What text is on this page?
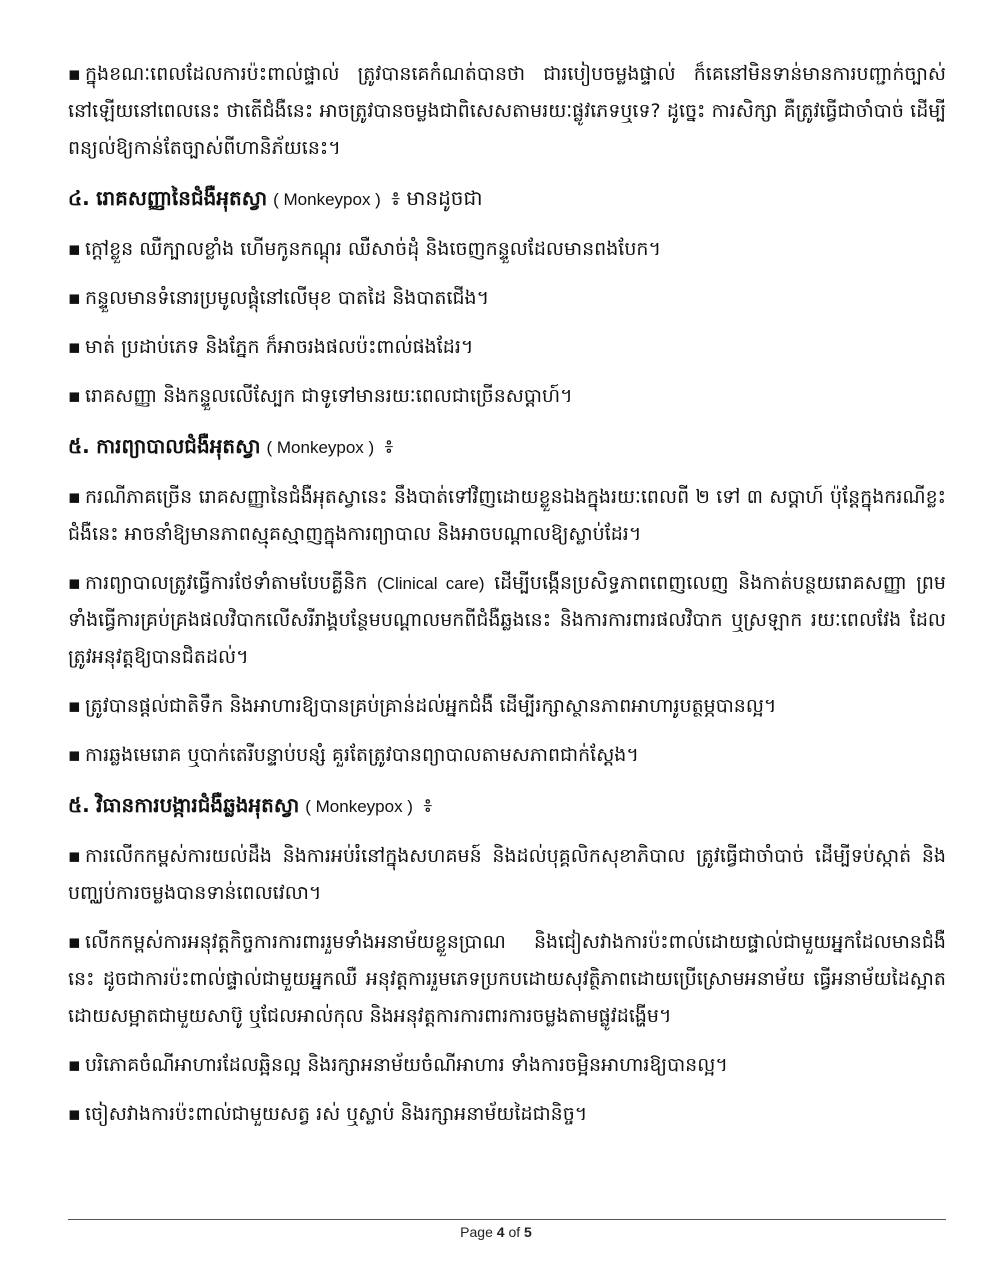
▪ ក្នុងខណៈពេលដែលការប៉ះពាល់ផ្ទាល់ ត្រូវបានគេកំណត់បានថា ជារបៀបចម្លងផ្ទាល់ ក៏គេនៅមិនទាន់មានការបញ្ជាក់ច្បាស់នៅឡើយនៅពេលនេះ ថាតើជំងឺនេះ អាចត្រូវបានចម្លងជាពិសេសតាមរយៈផ្លូវភេទឬទេ? ដូច្នេះ ការសិក្សា គឺត្រូវធ្វើជាចាំបាច់ ដើម្បីពន្យល់ឱ្យកាន់តែច្បាស់ពីហានិភ័យនេះ។

៤. រោគសញ្ញានៃជំងឺអុតស្វា ( Monkeypox ) ៖ មានដូចជា

▪ ក្តៅខ្លួន ឈឺក្បាលខ្លាំង ហើមកូនកណ្តុរ ឈឺសាច់ដុំ និងចេញកន្ទួលដែលមានពងបែក។

▪ កន្ទួលមានទំនោរប្រមូលផ្តុំនៅលើមុខ បាតដៃ និងបាតជើង។

▪ មាត់ ប្រដាប់ភេទ និងភ្នែក ក៏អាចរងផលប៉ះពាល់ផងដែរ។

▪ រោគសញ្ញា និងកន្ទួលលើស្បែក ជាទូទៅមានរយៈពេលជាច្រើនសប្តាហ៍។

៥. ការព្យាបាលជំងឺអុតស្វា ( Monkeypox ) ៖

▪ ករណីភាគច្រើន រោគសញ្ញានៃជំងឺអុតស្វានេះ នឹងបាត់ទៅវិញដោយខ្លួនឯងក្នុងរយៈពេលពី ២ ទៅ ៣ សប្តាហ៍ ប៉ុន្តែក្នុងករណីខ្លះ ជំងឺនេះ អាចនាំឱ្យមានភាពស្មុគស្មាញក្នុងការព្យាបាល និងអាចបណ្តាលឱ្យស្លាប់ដែរ។

▪ ការព្យាបាលត្រូវធ្វើការថែទាំតាមបែបគ្លីនិក (Clinical care) ដើម្បីបង្កើនប្រសិទ្ធភាពពេញលេញ និងកាត់បន្ថយរោគសញ្ញា ព្រមទាំងធ្វើការគ្រប់គ្រងផលវិបាកលើសរីរាង្គបន្ថែមបណ្តាលមកពីជំងឺឆ្លងនេះ និងការការពារផលវិបាក ឬស្រឡាក រយៈពេលវែង ដែលត្រូវអនុវត្តឱ្យបានជិតដល់។

▪ ត្រូវបានផ្តល់ជាតិទឹក និងអាហារឱ្យបានគ្រប់គ្រាន់ដល់អ្នកជំងឺ ដើម្បីរក្សាស្ថានភាពអាហារូបត្ថម្ភបានល្អ។

▪ ការឆ្លងមេរោគ ឬបាក់តេរីបន្ទាប់បន្សំ គួរតែត្រូវបានព្យាបាលតាមសភាពជាក់ស្តែង។

៥. វិធានការបង្ការជំងឺឆ្លងអុតស្វា ( Monkeypox ) ៖

▪ ការលើកកម្ពស់ការយល់ដឹង និងការអប់រំនៅក្នុងសហគមន៍ និងដល់បុគ្គលិកសុខាភិបាល ត្រូវធ្វើជាចាំបាច់ ដើម្បីទប់ស្កាត់ និងបញ្ឈប់ការចម្លងបានទាន់ពេលវេលា។

▪ លើកកម្ពស់ការអនុវត្តកិច្ចការការពាររួមទាំងអនាម័យខ្លួនប្រាណ និងជៀសវាងការប៉ះពាល់ដោយផ្ទាល់ជាមួយអ្នកដែលមានជំងឺនេះ ដូចជាការប៉ះពាល់ផ្ទាល់ជាមួយអ្នកឈឺ អនុវត្តការរួមភេទប្រកបដោយសុវត្ថិភាពដោយប្រើស្រោមអនាម័យ ធ្វើអនាម័យដៃស្អាតដោយសម្អាតជាមួយសាប៊ូ ឬជែលអាល់កុល និងអនុវត្តការការពារការចម្លងតាមផ្លូវដង្ហើម។

▪ បរិភោគចំណីអាហារដែលឆ្អិនល្អ និងរក្សាអនាម័យចំណីអាហារ ទាំងការចម្អិនអាហារឱ្យបានល្អ។

▪ ចៀសវាងការប៉ះពាល់ជាមួយសត្វ រស់ ឬស្លាប់ និងរក្សាអនាម័យដៃជានិច្ច។

Page 4 of 5
